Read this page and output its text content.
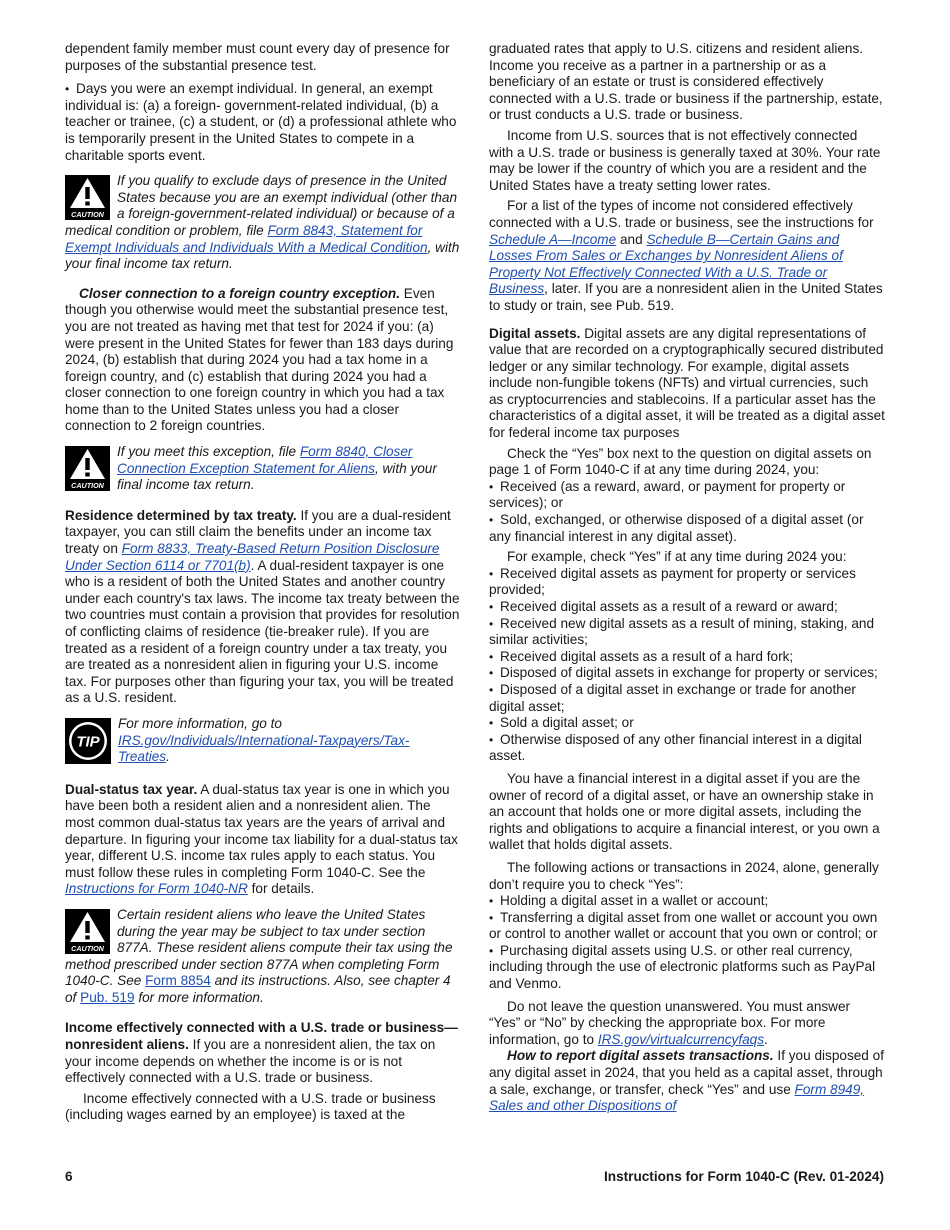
dependent family member must count every day of presence for purposes of the substantial presence test.

• Days you were an exempt individual. In general, an exempt individual is: (a) a foreign- government-related individual, (b) a teacher or trainee, (c) a student, or (d) a professional athlete who is temporarily present in the United States to compete in a charitable sports event.

CAUTION
If you qualify to exclude days of presence in the United States because you are an exempt individual (other than a foreign-government-related individual) or because of a medical condition or problem, file Form 8843, Statement for Exempt Individuals and Individuals With a Medical Condition, with your final income tax return.

Closer connection to a foreign country exception. Even though you otherwise would meet the substantial presence test, you are not treated as having met that test for 2024 if you: (a) were present in the United States for fewer than 183 days during 2024, (b) establish that during 2024 you had a tax home in a foreign country, and (c) establish that during 2024 you had a closer connection to one foreign country in which you had a tax home than to the United States unless you had a closer connection to 2 foreign countries.

CAUTION
If you meet this exception, file Form 8840, Closer Connection Exception Statement for Aliens, with your final income tax return.

Residence determined by tax treaty. If you are a dual-resident taxpayer, you can still claim the benefits under an income tax treaty on Form 8833, Treaty-Based Return Position Disclosure Under Section 6114 or 7701(b). A dual-resident taxpayer is one who is a resident of both the United States and another country under each country's tax laws. The income tax treaty between the two countries must contain a provision that provides for resolution of conflicting claims of residence (tie-breaker rule). If you are treated as a resident of a foreign country under a tax treaty, you are treated as a nonresident alien in figuring your U.S. income tax. For purposes other than figuring your tax, you will be treated as a U.S. resident.

TIP
For more information, go to IRS.gov/Individuals/International-Taxpayers/Tax-Treaties.

Dual-status tax year. A dual-status tax year is one in which you have been both a resident alien and a nonresident alien. The most common dual-status tax years are the years of arrival and departure. In figuring your income tax liability for a dual-status tax year, different U.S. income tax rules apply to each status. You must follow these rules in completing Form 1040-C. See the Instructions for Form 1040-NR for details.

CAUTION
Certain resident aliens who leave the United States during the year may be subject to tax under section 877A. These resident aliens compute their tax using the method prescribed under section 877A when completing Form 1040-C. See Form 8854 and its instructions. Also, see chapter 4 of Pub. 519 for more information.

Income effectively connected with a U.S. trade or business—nonresident aliens. If you are a nonresident alien, the tax on your income depends on whether the income is or is not effectively connected with a U.S. trade or business.

Income effectively connected with a U.S. trade or business (including wages earned by an employee) is taxed at the

graduated rates that apply to U.S. citizens and resident aliens. Income you receive as a partner in a partnership or as a beneficiary of an estate or trust is considered effectively connected with a U.S. trade or business if the partnership, estate, or trust conducts a U.S. trade or business.

Income from U.S. sources that is not effectively connected with a U.S. trade or business is generally taxed at 30%. Your rate may be lower if the country of which you are a resident and the United States have a treaty setting lower rates.

For a list of the types of income not considered effectively connected with a U.S. trade or business, see the instructions for Schedule A—Income and Schedule B—Certain Gains and Losses From Sales or Exchanges by Nonresident Aliens of Property Not Effectively Connected With a U.S. Trade or Business, later. If you are a nonresident alien in the United States to study or train, see Pub. 519.

Digital assets. Digital assets are any digital representations of value that are recorded on a cryptographically secured distributed ledger or any similar technology. For example, digital assets include non-fungible tokens (NFTs) and virtual currencies, such as cryptocurrencies and stablecoins. If a particular asset has the characteristics of a digital asset, it will be treated as a digital asset for federal income tax purposes

Check the “Yes” box next to the question on digital assets on page 1 of Form 1040-C if at any time during 2024, you:

• Received (as a reward, award, or payment for property or services); or

• Sold, exchanged, or otherwise disposed of a digital asset (or any financial interest in any digital asset).

For example, check “Yes” if at any time during 2024 you:

• Received digital assets as payment for property or services provided;

• Received digital assets as a result of a reward or award;

• Received new digital assets as a result of mining, staking, and similar activities;

• Received digital assets as a result of a hard fork;

• Disposed of digital assets in exchange for property or services;

• Disposed of a digital asset in exchange or trade for another digital asset;

• Sold a digital asset; or

• Otherwise disposed of any other financial interest in a digital asset.

You have a financial interest in a digital asset if you are the owner of record of a digital asset, or have an ownership stake in an account that holds one or more digital assets, including the rights and obligations to acquire a financial interest, or you own a wallet that holds digital assets.

The following actions or transactions in 2024, alone, generally don’t require you to check “Yes”:

• Holding a digital asset in a wallet or account;

• Transferring a digital asset from one wallet or account you own or control to another wallet or account that you own or control; or

• Purchasing digital assets using U.S. or other real currency, including through the use of electronic platforms such as PayPal and Venmo.

Do not leave the question unanswered. You must answer “Yes” or “No” by checking the appropriate box. For more information, go to IRS.gov/virtualcurrencyfaqs.

How to report digital assets transactions. If you disposed of any digital asset in 2024, that you held as a capital asset, through a sale, exchange, or transfer, check “Yes” and use Form 8949, Sales and other Dispositions of

6	Instructions for Form 1040-C (Rev. 01-2024)
